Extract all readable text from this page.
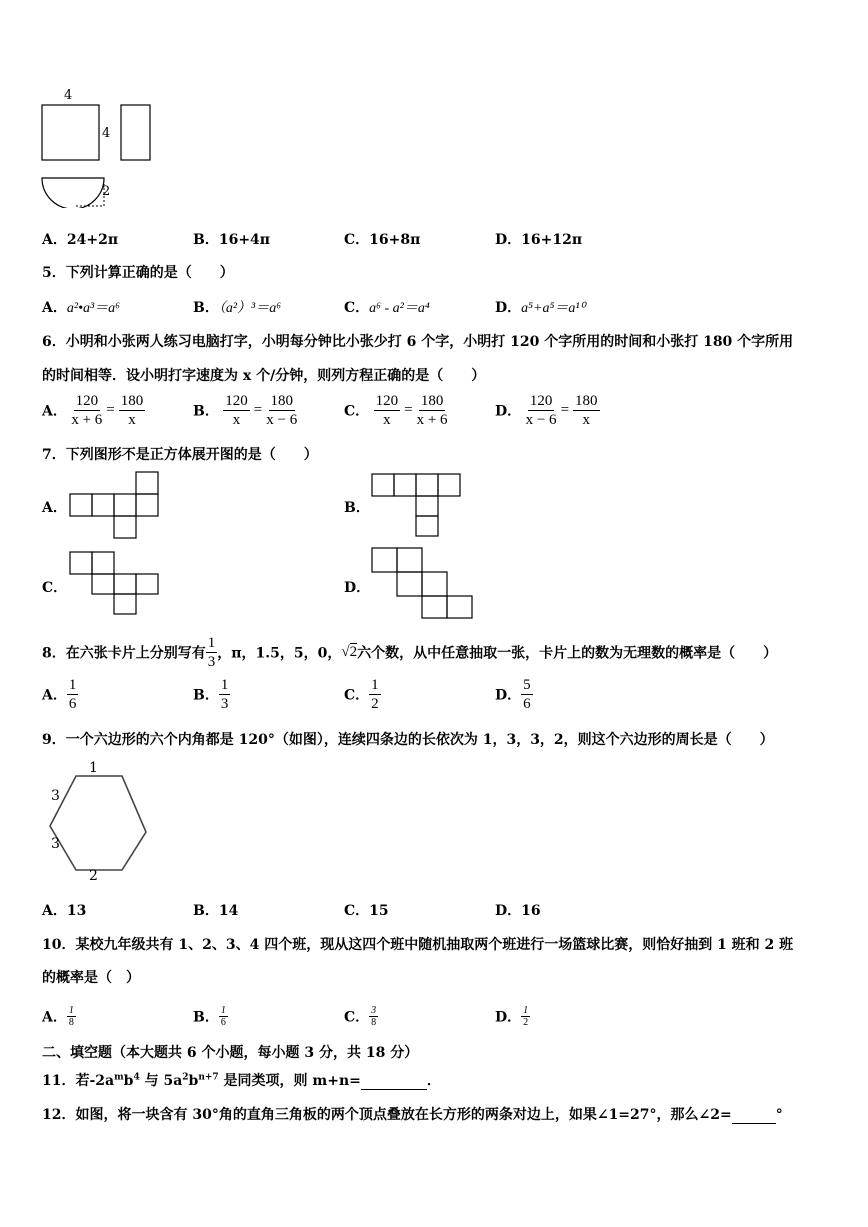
4
4
2
A．24+2π	B．16+4π	C．16+8π	D．16+12π
5．下列计算正确的是（　　）
A．a²•a³＝a⁶	B．（a²）³＝a⁶	C．a⁶ - a²＝a⁴	D．a⁵+a⁵＝a¹⁰
6．小明和小张两人练习电脑打字，小明每分钟比小张少打 6 个字，小明打 120 个字所用的时间和小张打 180 个字所用
的时间相等．设小明打字速度为 x 个/分钟，则列方程正确的是（　　）
A． $\frac{120}{x + 6} = \frac{180}{x}$	B． $\frac{120}{x} = \frac{180}{x - 6}$	C． $\frac{120}{x} = \frac{180}{x + 6}$	D． $\frac{120}{x - 6} = \frac{180}{x}$
7．下列图形不是正方体展开图的是（　　）
A．	B．
C．	D．
8．在六张卡片上分别写有 $\frac{1}{3}$ ，π，1.5，5，0，√2六个数，从中任意抽取一张，卡片上的数为无理数的概率是（　　）
A． $\frac{1}{6}$	B． $\frac{1}{3}$	C． $\frac{1}{2}$	D． $\frac{5}{6}$
9．一个六边形的六个内角都是 120°（如图），连续四条边的长依次为 1，3，3，2，则这个六边形的周长是（　　）
1
3
3
2
A．13	B．14	C．15	D．16
10．某校九年级共有 1、2、3、4 四个班，现从这四个班中随机抽取两个班进行一场篮球比赛，则恰好抽到 1 班和 2 班
的概率是（　）
A． $\frac{1}{8}$	B． $\frac{1}{6}$	C． $\frac{3}{8}$	D． $\frac{1}{2}$
二、填空题（本大题共 6 个小题，每小题 3 分，共 18 分）
11．若$-2a^mb^4$ 与 $5a^2b^{n+7}$ 是同类项，则 m+n=	．
12．如图，将一块含有 30°角的直角三角板的两个顶点叠放在长方形的两条对边上，如果∠1=27°，那么∠2=	°
